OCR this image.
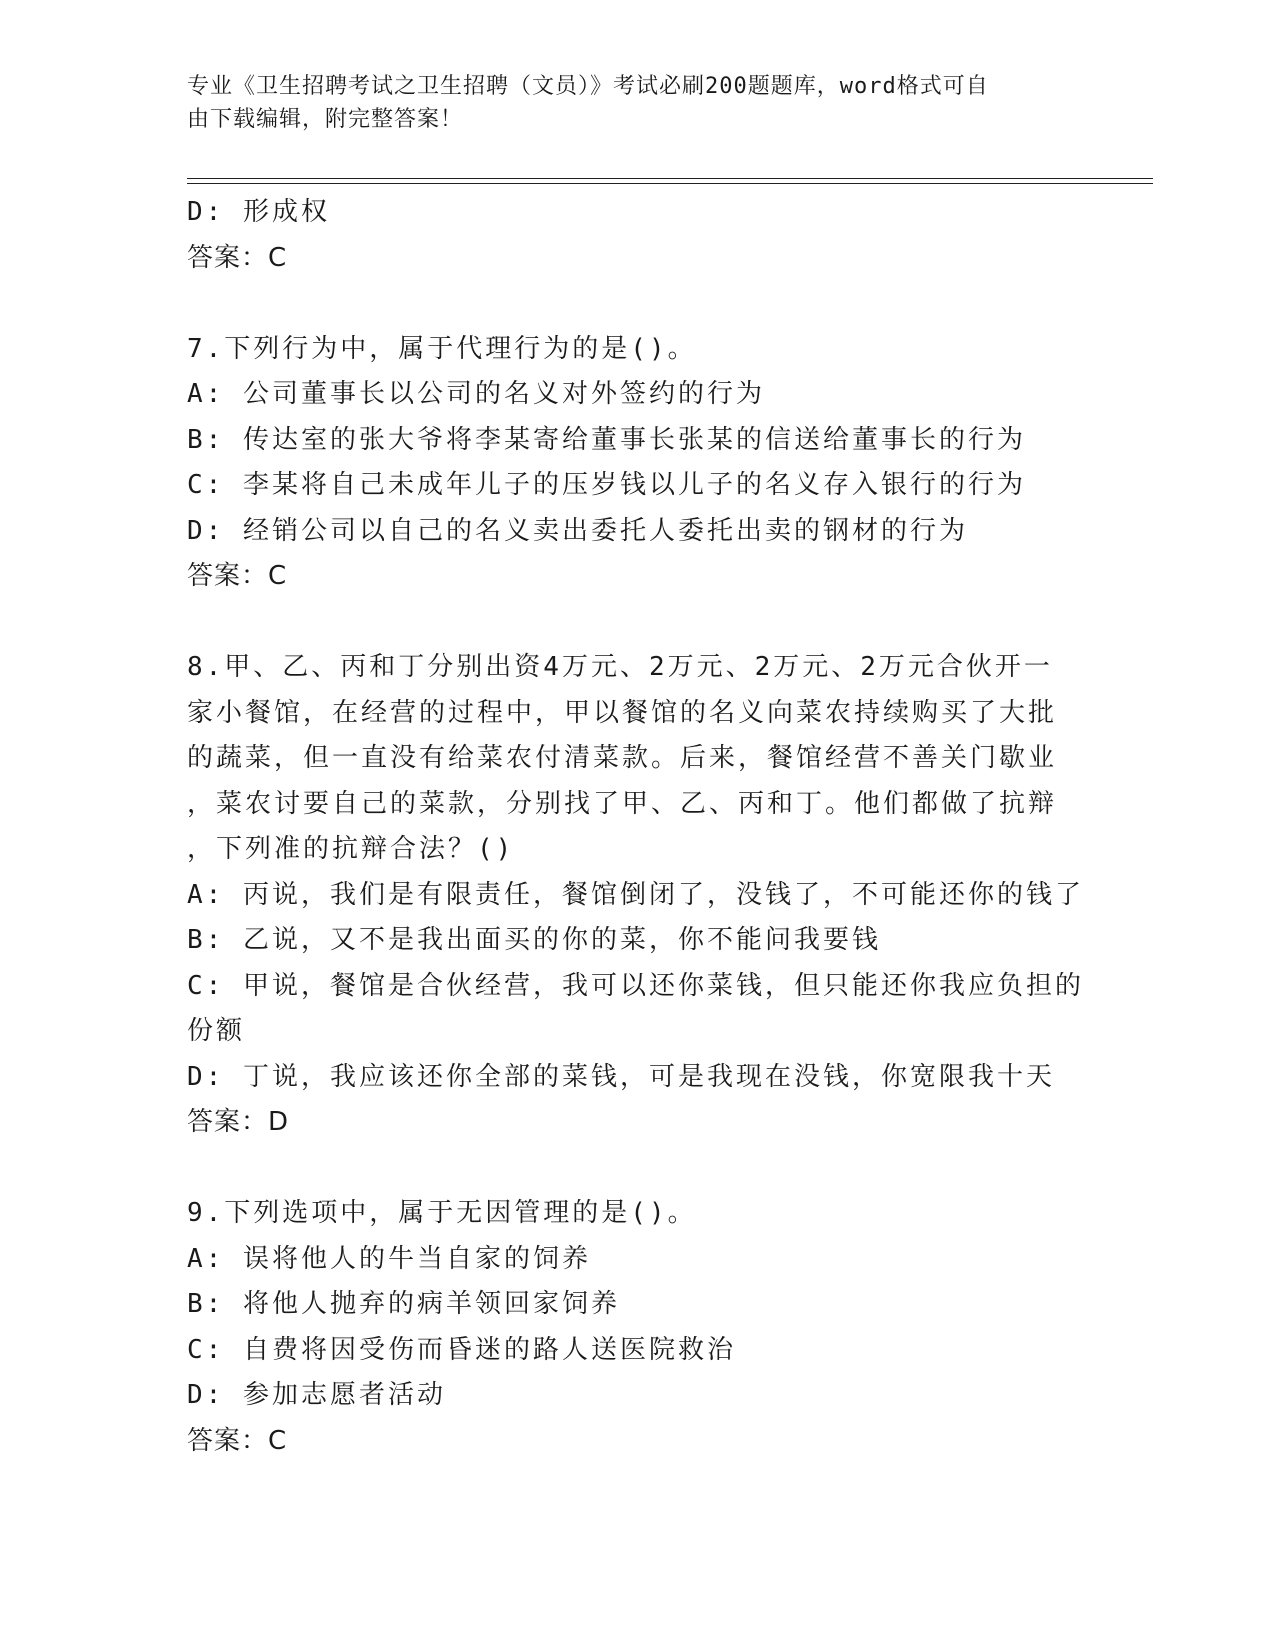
专业《卫生招聘考试之卫生招聘（文员）》考试必刷200题题库，word格式可自
由下载编辑，附完整答案！
D: 形成权
答案：C
7.下列行为中，属于代理行为的是()。
A: 公司董事长以公司的名义对外签约的行为
B: 传达室的张大爷将李某寄给董事长张某的信送给董事长的行为
C: 李某将自己未成年儿子的压岁钱以儿子的名义存入银行的行为
D: 经销公司以自己的名义卖出委托人委托出卖的钢材的行为
答案：C
8.甲、乙、丙和丁分别出资4万元、2万元、2万元、2万元合伙开一
家小餐馆，在经营的过程中，甲以餐馆的名义向菜农持续购买了大批
的蔬菜，但一直没有给菜农付清菜款。后来，餐馆经营不善关门歇业
，菜农讨要自己的菜款，分别找了甲、乙、丙和丁。他们都做了抗辩
，下列准的抗辩合法？()
A: 丙说，我们是有限责任，餐馆倒闭了，没钱了，不可能还你的钱了
B: 乙说，又不是我出面买的你的菜，你不能问我要钱
C: 甲说，餐馆是合伙经营，我可以还你菜钱，但只能还你我应负担的
份额
D: 丁说，我应该还你全部的菜钱，可是我现在没钱，你宽限我十天
答案：D
9.下列选项中，属于无因管理的是()。
A: 误将他人的牛当自家的饲养
B: 将他人抛弃的病羊领回家饲养
C: 自费将因受伤而昏迷的路人送医院救治
D: 参加志愿者活动
答案：C
